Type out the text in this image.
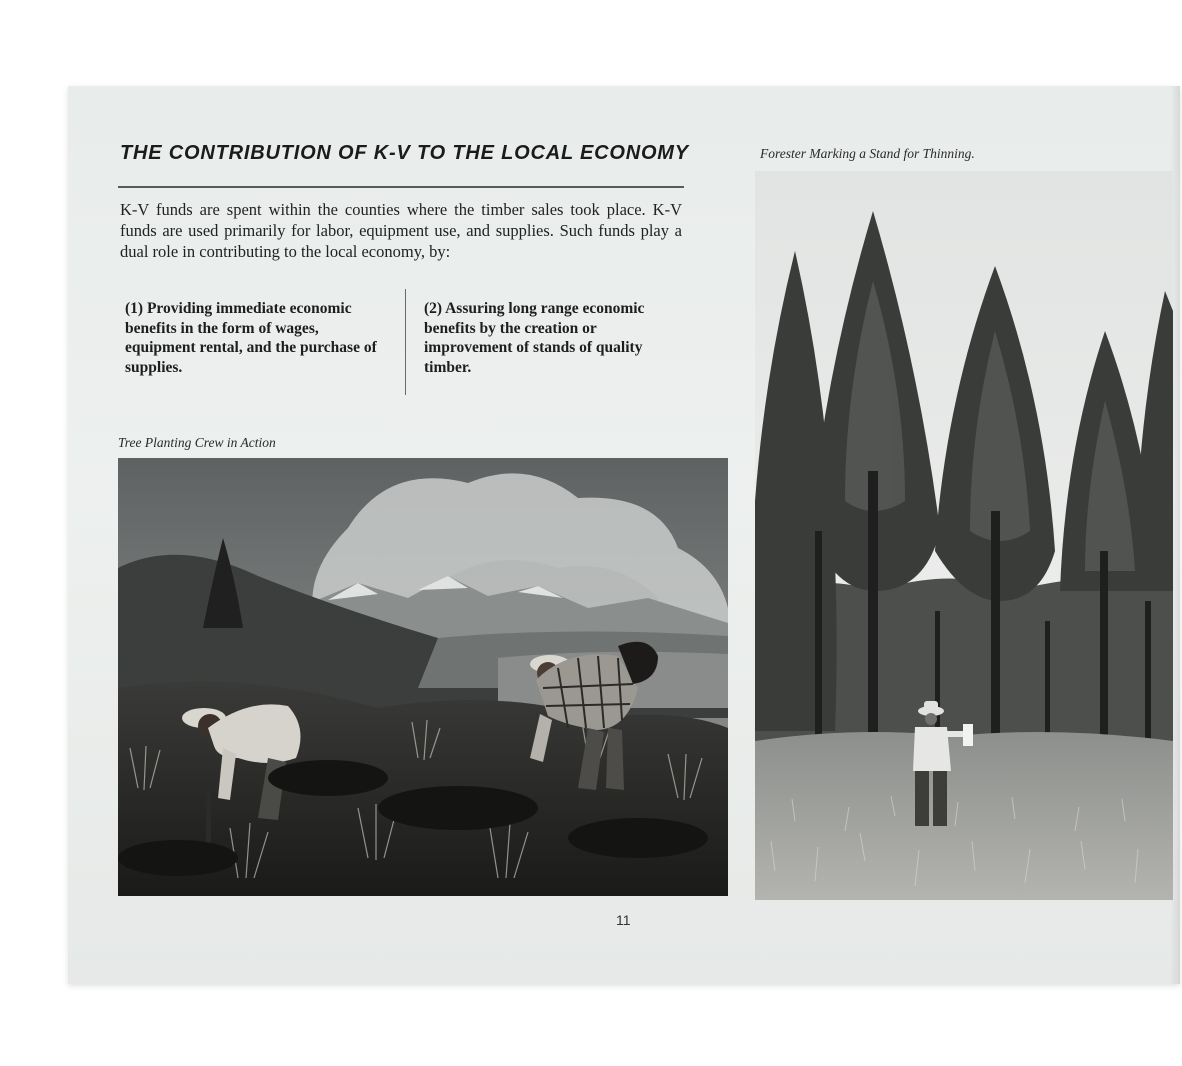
THE CONTRIBUTION OF K-V TO THE LOCAL ECONOMY
K-V funds are spent within the counties where the timber sales took place. K-V funds are used primarily for labor, equipment use, and supplies. Such funds play a dual role in contributing to the local economy, by:
(1) Providing immediate economic benefits in the form of wages, equipment rental, and the purchase of supplies.
(2) Assuring long range economic benefits by the creation or improvement of stands of quality timber.
Tree Planting Crew in Action
Forester Marking a Stand for Thinning.
11
